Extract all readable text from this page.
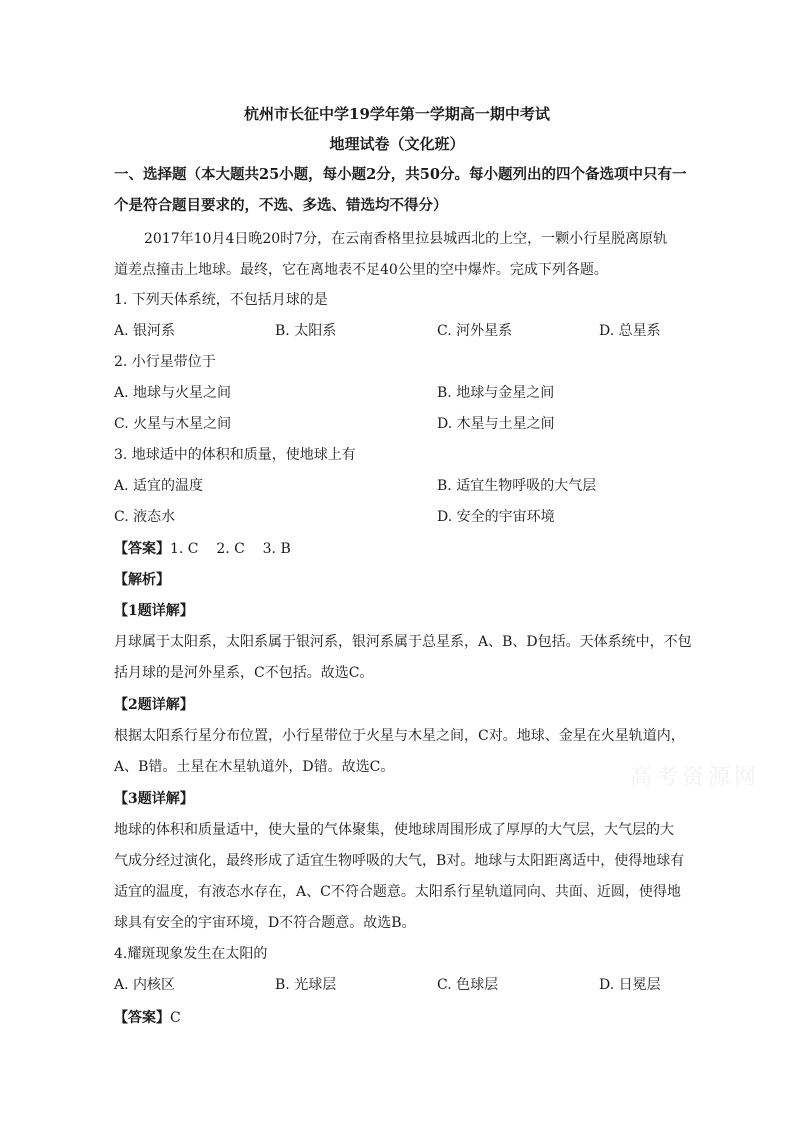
杭州市长征中学19学年第一学期高一期中考试
地理试卷（文化班）
一、选择题（本大题共25小题，每小题2分，共50分。每小题列出的四个备选项中只有一
个是符合题目要求的，不选、多选、错选均不得分）
2017年10月4日晚20时7分，在云南香格里拉县城西北的上空，一颗小行星脱离原轨
道差点撞击上地球。最终，它在离地表不足40公里的空中爆炸。完成下列各题。
1. 下列天体系统，不包括月球的是
A. 银河系	B. 太阳系	C. 河外星系	D. 总星系
2. 小行星带位于
A. 地球与火星之间	B. 地球与金星之间
C. 火星与木星之间	D. 木星与土星之间
3. 地球适中的体积和质量，使地球上有
A. 适宜的温度	B. 适宜生物呼吸的大气层
C. 液态水	D. 安全的宇宙环境
【答案】1. C    2. C    3. B
【解析】
【1题详解】
月球属于太阳系，太阳系属于银河系，银河系属于总星系，A、B、D包括。天体系统中，不包
括月球的是河外星系，C不包括。故选C。
【2题详解】
根据太阳系行星分布位置，小行星带位于火星与木星之间，C对。地球、金星在火星轨道内，
A、B错。土星在木星轨道外，D错。故选C。
【3题详解】
地球的体积和质量适中，使大量的气体聚集，使地球周围形成了厚厚的大气层，大气层的大
气成分经过演化，最终形成了适宜生物呼吸的大气，B对。地球与太阳距离适中，使得地球有
适宜的温度，有液态水存在，A、C不符合题意。太阳系行星轨道同向、共面、近圆，使得地
球具有安全的宇宙环境，D不符合题意。故选B。
4.耀斑现象发生在太阳的
A. 内核区	B. 光球层	C. 色球层	D. 日冕层
【答案】C
高考资源网
